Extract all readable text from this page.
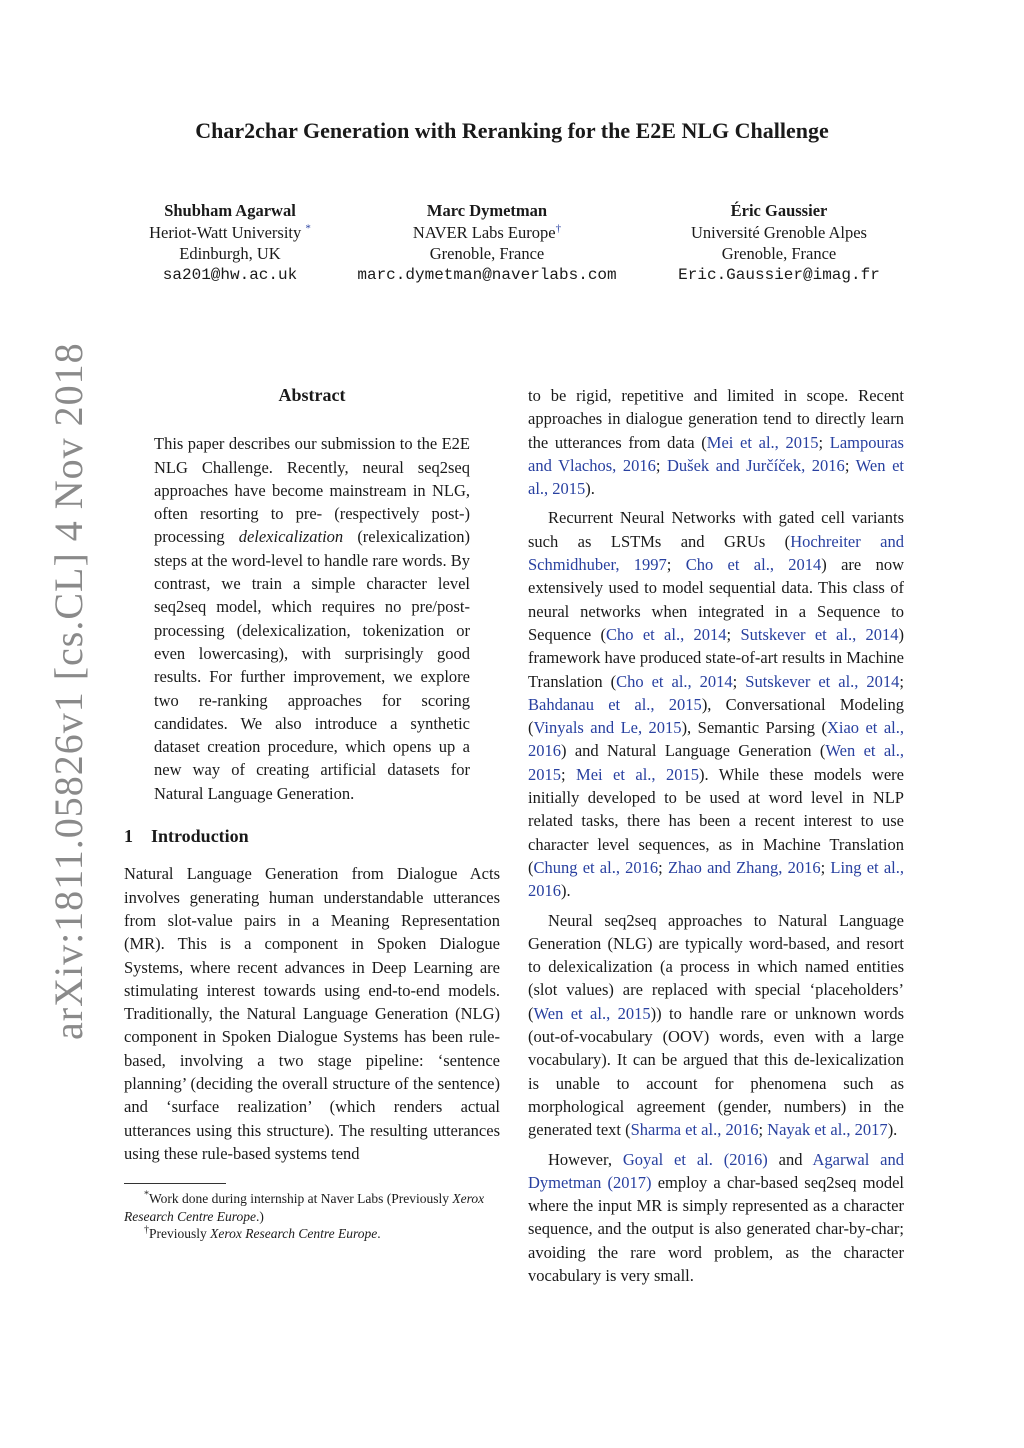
arXiv:1811.05826v1 [cs.CL] 4 Nov 2018
Char2char Generation with Reranking for the E2E NLG Challenge
Shubham Agarwal
Heriot-Watt University *
Edinburgh, UK
sa201@hw.ac.uk
Marc Dymetman
NAVER Labs Europe†
Grenoble, France
marc.dymetman@naverlabs.com
Éric Gaussier
Université Grenoble Alpes
Grenoble, France
Eric.Gaussier@imag.fr

Abstract

This paper describes our submission to the E2E NLG Challenge. Recently, neural seq2seq approaches have become mainstream in NLG, often resorting to pre- (respectively post-) processing delexicalization (relexicalization) steps at the word-level to handle rare words. By contrast, we train a simple character level seq2seq model, which requires no pre/post-processing (delexicalization, tokenization or even lowercasing), with surprisingly good results. For further improvement, we explore two re-ranking approaches for scoring candidates. We also introduce a synthetic dataset creation procedure, which opens up a new way of creating artificial datasets for Natural Language Generation.

1    Introduction

Natural Language Generation from Dialogue Acts involves generating human understandable utterances from slot-value pairs in a Meaning Representation (MR). This is a component in Spoken Dialogue Systems, where recent advances in Deep Learning are stimulating interest towards using end-to-end models. Traditionally, the Natural Language Generation (NLG) component in Spoken Dialogue Systems has been rule-based, involving a two stage pipeline: ‘sentence planning’ (deciding the overall structure of the sentence) and ‘surface realization’ (which renders actual utterances using this structure). The resulting utterances using these rule-based systems tend

*Work done during internship at Naver Labs (Previously Xerox Research Centre Europe.)

†Previously Xerox Research Centre Europe.

to be rigid, repetitive and limited in scope. Recent approaches in dialogue generation tend to directly learn the utterances from data (Mei et al., 2015; Lampouras and Vlachos, 2016; Dušek and Jurčíček, 2016; Wen et al., 2015).

Recurrent Neural Networks with gated cell variants such as LSTMs and GRUs (Hochreiter and Schmidhuber, 1997; Cho et al., 2014) are now extensively used to model sequential data. This class of neural networks when integrated in a Sequence to Sequence (Cho et al., 2014; Sutskever et al., 2014) framework have produced state-of-art results in Machine Translation (Cho et al., 2014; Sutskever et al., 2014; Bahdanau et al., 2015), Conversational Modeling (Vinyals and Le, 2015), Semantic Parsing (Xiao et al., 2016) and Natural Language Generation (Wen et al., 2015; Mei et al., 2015). While these models were initially developed to be used at word level in NLP related tasks, there has been a recent interest to use character level sequences, as in Machine Translation (Chung et al., 2016; Zhao and Zhang, 2016; Ling et al., 2016).

Neural seq2seq approaches to Natural Language Generation (NLG) are typically word-based, and resort to delexicalization (a process in which named entities (slot values) are replaced with special ‘placeholders’ (Wen et al., 2015)) to handle rare or unknown words (out-of-vocabulary (OOV) words, even with a large vocabulary). It can be argued that this de-lexicalization is unable to account for phenomena such as morphological agreement (gender, numbers) in the generated text (Sharma et al., 2016; Nayak et al., 2017).

However, Goyal et al. (2016) and Agarwal and Dymetman (2017) employ a char-based seq2seq model where the input MR is simply represented as a character sequence, and the output is also generated char-by-char; avoiding the rare word problem, as the character vocabulary is very small.
